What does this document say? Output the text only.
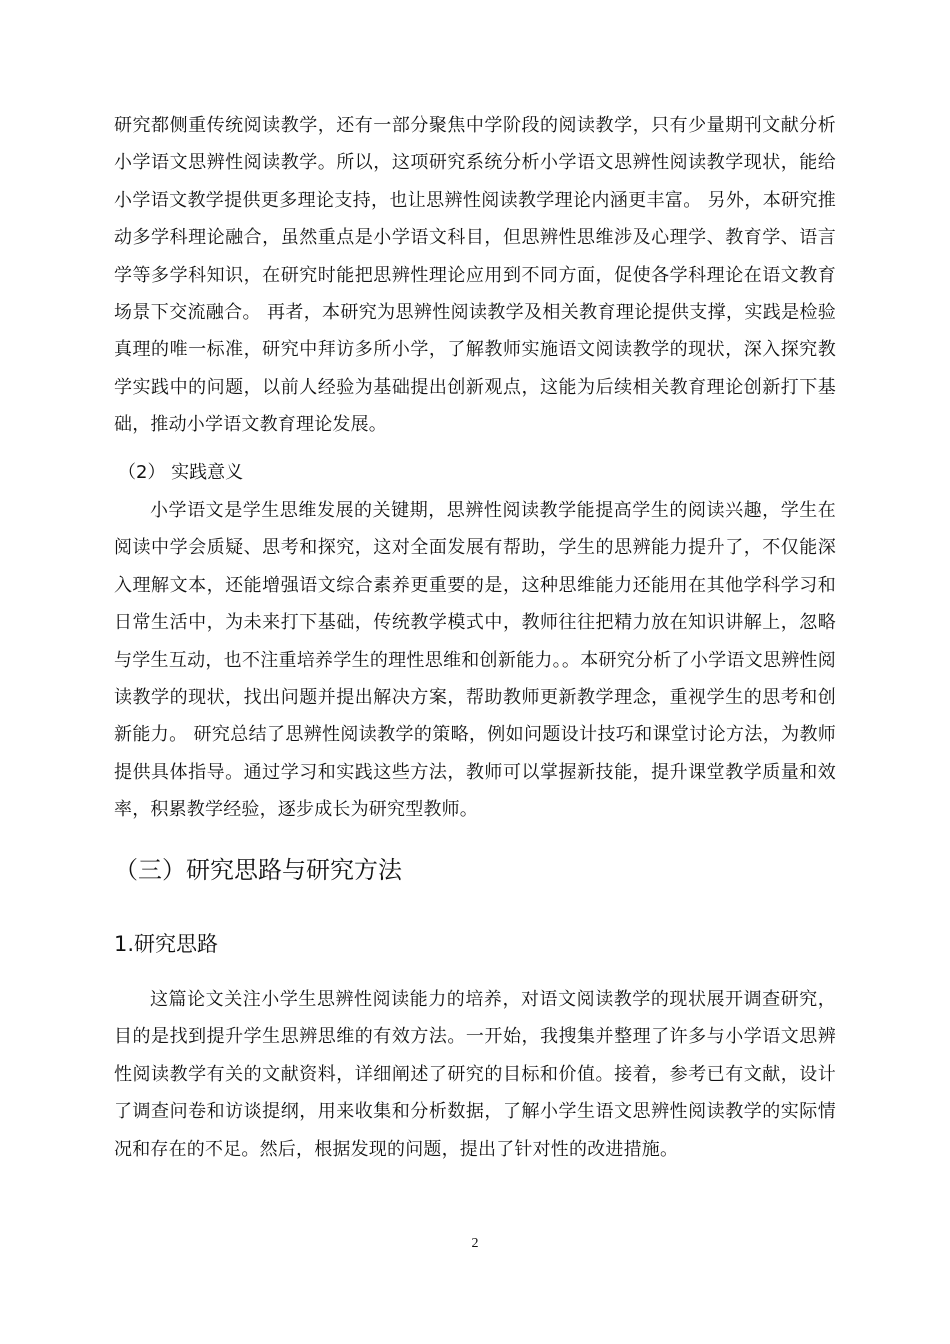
研究都侧重传统阅读教学，还有一部分聚焦中学阶段的阅读教学，只有少量期刊文献分析小学语文思辨性阅读教学。所以，这项研究系统分析小学语文思辨性阅读教学现状，能给小学语文教学提供更多理论支持，也让思辨性阅读教学理论内涵更丰富。 另外，本研究推动多学科理论融合，虽然重点是小学语文科目，但思辨性思维涉及心理学、教育学、语言学等多学科知识，在研究时能把思辨性理论应用到不同方面，促使各学科理论在语文教育场景下交流融合。 再者，本研究为思辨性阅读教学及相关教育理论提供支撑，实践是检验真理的唯一标准，研究中拜访多所小学，了解教师实施语文阅读教学的现状，深入探究教学实践中的问题，以前人经验为基础提出创新观点，这能为后续相关教育理论创新打下基础，推动小学语文教育理论发展。

（2） 实践意义

小学语文是学生思维发展的关键期，思辨性阅读教学能提高学生的阅读兴趣，学生在阅读中学会质疑、思考和探究，这对全面发展有帮助，学生的思辨能力提升了，不仅能深入理解文本，还能增强语文综合素养更重要的是，这种思维能力还能用在其他学科学习和日常生活中，为未来打下基础，传统教学模式中，教师往往把精力放在知识讲解上，忽略与学生互动，也不注重培养学生的理性思维和创新能力。。本研究分析了小学语文思辨性阅读教学的现状，找出问题并提出解决方案，帮助教师更新教学理念，重视学生的思考和创新能力。 研究总结了思辨性阅读教学的策略，例如问题设计技巧和课堂讨论方法，为教师提供具体指导。通过学习和实践这些方法，教师可以掌握新技能，提升课堂教学质量和效率，积累教学经验，逐步成长为研究型教师。

（三）研究思路与研究方法
1.研究思路

这篇论文关注小学生思辨性阅读能力的培养，对语文阅读教学的现状展开调查研究，目的是找到提升学生思辨思维的有效方法。一开始，我搜集并整理了许多与小学语文思辨性阅读教学有关的文献资料，详细阐述了研究的目标和价值。接着，参考已有文献，设计了调查问卷和访谈提纲，用来收集和分析数据，了解小学生语文思辨性阅读教学的实际情况和存在的不足。然后，根据发现的问题，提出了针对性的改进措施。

2
